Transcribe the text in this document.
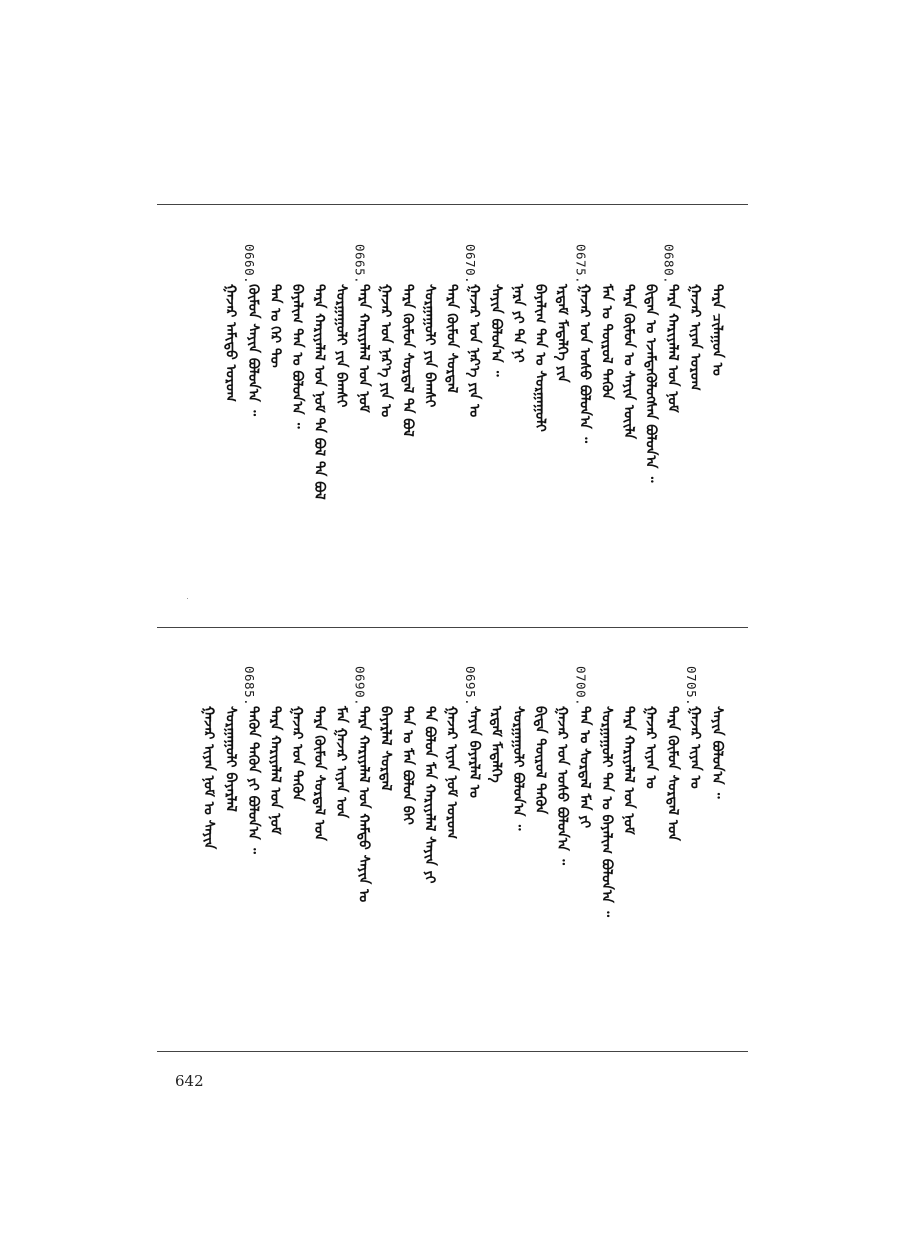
ᠲᠡᠷᠡ ᠴᠢᠯᠠᠭᠤᠨ ᠤ
ᠭᠠᠵᠠᠷ ᠢᠶᠡᠨ ᠤᠷᠤᠭ
0680.
ᠲᠡᠷᠡ ᠬᠠᠷᠢᠶᠠᠯᠠᠯ ᠤᠨ ᠨᠣᠮ
ᠪᠢᠳᠡᠨ ᠤ ᠡᠵᠡᠮᠳᠡᠭᠦᠯᠦᠭᠰᠡᠨ ᠪᠣᠯᠤᠨ᠎ᠠ ᠃
ᠲᠡᠷᠡ ᠬᠦᠮᠦᠨ ᠤ ᠰᠠᠶᠢᠨ ᠦᠢᠯᠡ
ᠮᠠᠨ ᠤ ᠲᠥᠷᠦᠯ ᠲᠡᠭᠦᠨ
0675.
ᠭᠠᠵᠠᠷ ᠤᠨ ᠤᠰᠤ ᠪᠣᠯᠤᠨ᠎ᠠ ᠃
ᠡᠷᠳᠡᠮ ᠮᠡᠳᠡᠯᠭᠡ ᠶᠢᠨ
ᠪᠠᠶᠠᠯᠢᠭ ᠲᠠᠨ ᠤ ᠰᠤᠷᠭᠠᠭᠤᠯᠢ
ᠨᠡᠷᠡ ᠶᠢ ᠲᠠ ᠨᠢ
ᠰᠠᠶᠢᠨ ᠪᠣᠯᠤᠨ᠎ᠠ ᠃
0670.
ᠭᠠᠵᠠᠷ ᠤᠨ ᠨᠡᠷ᠎ᠡ ᠶᠢᠨ ᠤ
ᠲᠡᠷᠡ ᠬᠦᠮᠦᠨ ᠰᠤᠷᠲᠠᠯ
ᠰᠤᠷᠭᠠᠭᠤᠯᠢ ᠶᠢᠨ ᠪᠠᠭᠰᠢ
ᠲᠡᠷᠡ ᠬᠦᠮᠦᠨ ᠰᠤᠷᠲᠠᠯ ᠲᠠ ᠪᠣᠯ
ᠭᠠᠵᠠᠷ ᠤᠨ ᠨᠡᠷ᠎ᠡ ᠶᠢᠨ ᠤ
0665.
ᠲᠡᠷᠡ ᠬᠠᠷᠢᠶᠠᠯᠠᠯ ᠤᠨ ᠨᠣᠮ
ᠰᠤᠷᠭᠠᠭᠤᠯᠢ ᠶᠢᠨ ᠪᠠᠭᠰᠢ
ᠲᠡᠷᠡ ᠬᠠᠷᠢᠶᠠᠯᠠᠯ ᠤᠨ ᠨᠣᠮ ᠲᠠ ᠪᠣᠯ ᠲᠠ ᠪᠣᠯ
ᠪᠠᠶᠠᠯᠢᠭ ᠲᠠᠨ ᠤ ᠪᠣᠯᠤᠨ᠎ᠠ ᠃
ᠲᠠᠨ ᠤ ᠭᠡᠷ ᠲᠦ
0660.
ᠬᠦᠮᠦᠨ ᠰᠠᠶᠢᠨ ᠪᠣᠯᠤᠨ᠎ᠠ ᠃
ᠭᠠᠵᠠᠷ ᠠᠮᠢᠳᠤ ᠤᠷᠤᠭ
ᠰᠠᠶᠢᠨ ᠪᠣᠯᠤᠨ᠎ᠠ ᠃
0705.
ᠭᠠᠵᠠᠷ ᠢᠶᠡᠨ ᠤ
ᠲᠡᠷᠡ ᠬᠦᠮᠦᠨ ᠰᠤᠷᠲᠠᠯ ᠤᠨ
ᠭᠠᠵᠠᠷ ᠢᠶᠡᠨ ᠤ
ᠲᠡᠷᠡ ᠬᠠᠷᠢᠶᠠᠯᠠᠯ ᠤᠨ ᠨᠣᠮ
ᠰᠤᠷᠭᠠᠭᠤᠯᠢ ᠲᠠᠨ ᠤ ᠪᠠᠶᠠᠯᠢᠭ ᠪᠣᠯᠤᠨ᠎ᠠ ᠃
0700.
ᠲᠠᠨ ᠤ ᠰᠤᠷᠲᠠᠯ ᠮᠠᠨ ᠶᠢ
ᠭᠠᠵᠠᠷ ᠤᠨ ᠤᠰᠤ ᠪᠣᠯᠤᠨ᠎ᠠ ᠃
ᠪᠢᠳᠡ ᠲᠥᠷᠦᠯ ᠲᠡᠭᠦᠨ
ᠰᠤᠷᠭᠠᠭᠤᠯᠢ ᠪᠣᠯᠤᠨ᠎ᠠ ᠃
ᠡᠷᠳᠡᠮ ᠮᠡᠳᠡᠯᠭᠡ
0695.
ᠰᠠᠶᠢᠨ ᠪᠠᠶᠠᠷᠯᠠᠯ ᠤ
ᠭᠠᠵᠠᠷ ᠢᠶᠡᠨ ᠨᠣᠮ ᠤᠷᠤᠭ
ᠲᠡ ᠪᠣᠯᠤᠨ ᠮᠠᠨ ᠬᠠᠷᠢᠶᠠᠯᠠᠯ ᠰᠠᠶᠢᠨ ᠶᠢ
ᠲᠠᠨ ᠤ ᠮᠠᠨ ᠪᠣᠯᠤᠨ ᠪᠠᠢ
ᠪᠠᠶᠠᠷᠯᠠᠯ ᠰᠤᠷᠲᠠᠯ
0690.
ᠲᠡᠷᠡ ᠬᠠᠷᠢᠶᠠᠯᠠᠯ ᠤᠨ ᠬᠠᠮᠲᠤ ᠰᠠᠶᠢᠨ ᠤ
ᠮᠠᠨ ᠭᠠᠵᠠᠷ ᠢᠶᠡᠨ ᠤᠨ
ᠲᠡᠷᠡ ᠬᠦᠮᠦᠨ ᠰᠤᠷᠲᠠᠯ ᠤᠨ
ᠭᠠᠵᠠᠷ ᠤᠨ ᠲᠡᠭᠦᠨ
ᠲᠡᠷᠡ ᠬᠠᠷᠢᠶᠠᠯᠠᠯ ᠤᠨ ᠨᠣᠮ
0685.
ᠲᠡᠭᠦᠨ ᠲᠡᠭᠦᠨ ᠶᠢ ᠪᠣᠯᠤᠨ᠎ᠠ ᠃
ᠰᠤᠷᠭᠠᠭᠤᠯᠢ ᠪᠠᠶᠠᠷᠯᠠᠯ
ᠭᠠᠵᠠᠷ ᠢᠶᠡᠨ ᠨᠣᠮ ᠤ ᠰᠠᠶᠢᠨ
642
